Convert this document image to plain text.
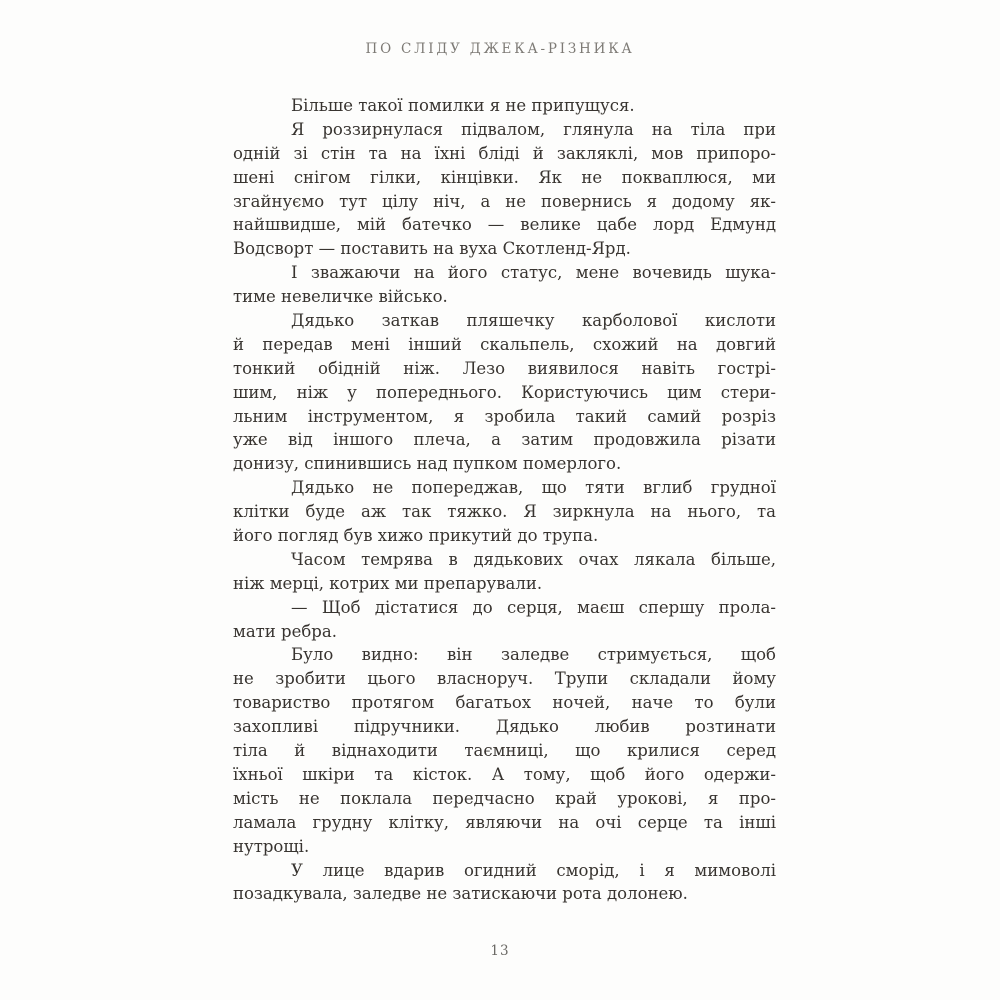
ПО СЛІДУ ДЖЕКА-РІЗНИКА
Більше такої помилки я не припущуся.
Я роззирнулася підвалом, глянула на тіла при
одній зі стін та на їхні бліді й закляклі, мов припоро-
шені снігом гілки, кінцівки. Як не покваплюся, ми
згайнуємо тут цілу ніч, а не повернись я додому як-
найшвидше, мій батечко — велике цабе лорд Едмунд
Водсворт — поставить на вуха Скотленд-Ярд.
І зважаючи на його статус, мене вочевидь шука-
тиме невеличке військо.
Дядько заткав пляшечку карболової кислоти
й передав мені інший скальпель, схожий на довгий
тонкий обідній ніж. Лезо виявилося навіть гострі-
шим, ніж у попереднього. Користуючись цим стери-
льним інструментом, я зробила такий самий розріз
уже від іншого плеча, а затим продовжила різати
донизу, спинившись над пупком померлого.
Дядько не попереджав, що тяти вглиб грудної
клітки буде аж так тяжко. Я зиркнула на нього, та
його погляд був хижо прикутий до трупа.
Часом темрява в дядькових очах лякала більше,
ніж мерці, котрих ми препарували.
— Щоб дістатися до серця, маєш спершу прола-
мати ребра.
Було видно: він заледве стримується, щоб
не зробити цього власноруч. Трупи складали йому
товариство протягом багатьох ночей, наче то були
захопливі підручники. Дядько любив розтинати
тіла й віднаходити таємниці, що крилися серед
їхньої шкіри та кісток. А тому, щоб його одержи-
мість не поклала передчасно край урокові, я про-
ламала грудну клітку, являючи на очі серце та інші
нутрощі.
У лице вдарив огидний сморід, і я мимоволі
позадкувала, заледве не затискаючи рота долонею.
13
